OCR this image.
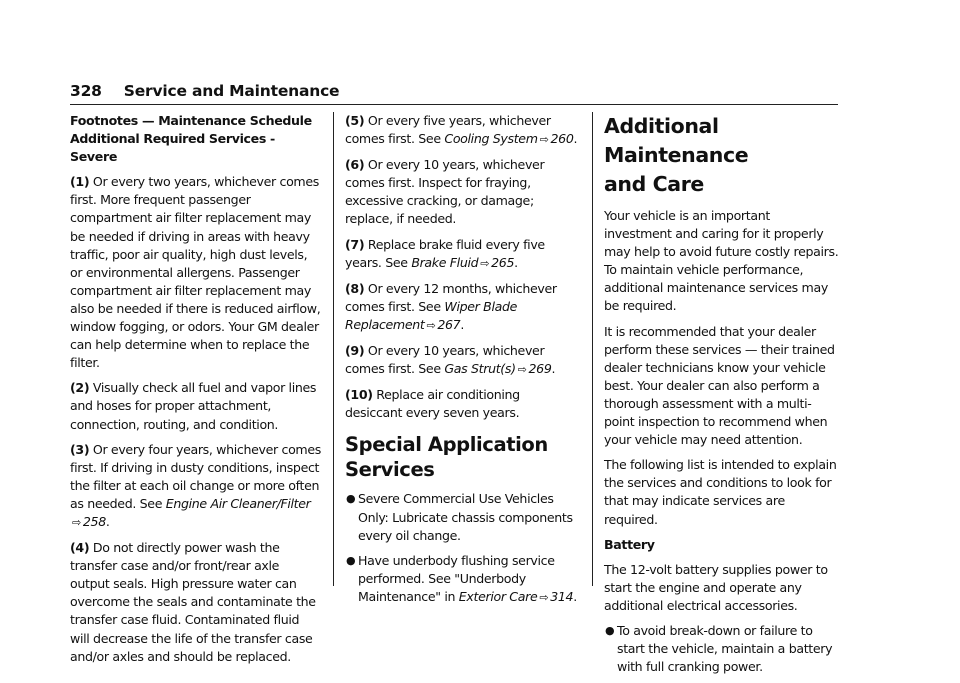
328 Service and Maintenance
Footnotes — Maintenance Schedule
Additional Required Services - Severe

(1) Or every two years, whichever comes first. More frequent passenger compartment air filter replacement may be needed if driving in areas with heavy traffic, poor air quality, high dust levels, or environmental allergens. Passenger compartment air filter replacement may also be needed if there is reduced airflow, window fogging, or odors. Your GM dealer can help determine when to replace the filter.

(2) Visually check all fuel and vapor lines and hoses for proper attachment, connection, routing, and condition.

(3) Or every four years, whichever comes first. If driving in dusty conditions, inspect the filter at each oil change or more often as needed. See Engine Air Cleaner/Filter
⇨ 258.

(4) Do not directly power wash the transfer case and/or front/rear axle output seals. High pressure water can overcome the seals and contaminate the transfer case fluid. Contaminated fluid will decrease the life of the transfer case and/or axles and should be replaced.

(5) Or every five years, whichever comes first. See Cooling System ⇨ 260.

(6) Or every 10 years, whichever comes first. Inspect for fraying, excessive cracking, or damage; replace, if needed.

(7) Replace brake fluid every five years. See Brake Fluid ⇨ 265.

(8) Or every 12 months, whichever comes first. See Wiper Blade Replacement ⇨ 267.

(9) Or every 10 years, whichever comes first. See Gas Strut(s) ⇨ 269.

(10) Replace air conditioning desiccant every seven years.

Special Application Services
● Severe Commercial Use Vehicles Only: Lubricate chassis components every oil change.
● Have underbody flushing service performed. See "Underbody Maintenance" in Exterior Care ⇨ 314.
Additional Maintenance
and Care

Your vehicle is an important investment and caring for it properly may help to avoid future costly repairs. To maintain vehicle performance, additional maintenance services may be required.

It is recommended that your dealer perform these services — their trained dealer technicians know your vehicle best. Your dealer can also perform a thorough assessment with a multi-point inspection to recommend when your vehicle may need attention.

The following list is intended to explain the services and conditions to look for that may indicate services are required.

Battery

The 12-volt battery supplies power to start the engine and operate any additional electrical accessories.

● To avoid break-down or failure to start the vehicle, maintain a battery with full cranking power.
